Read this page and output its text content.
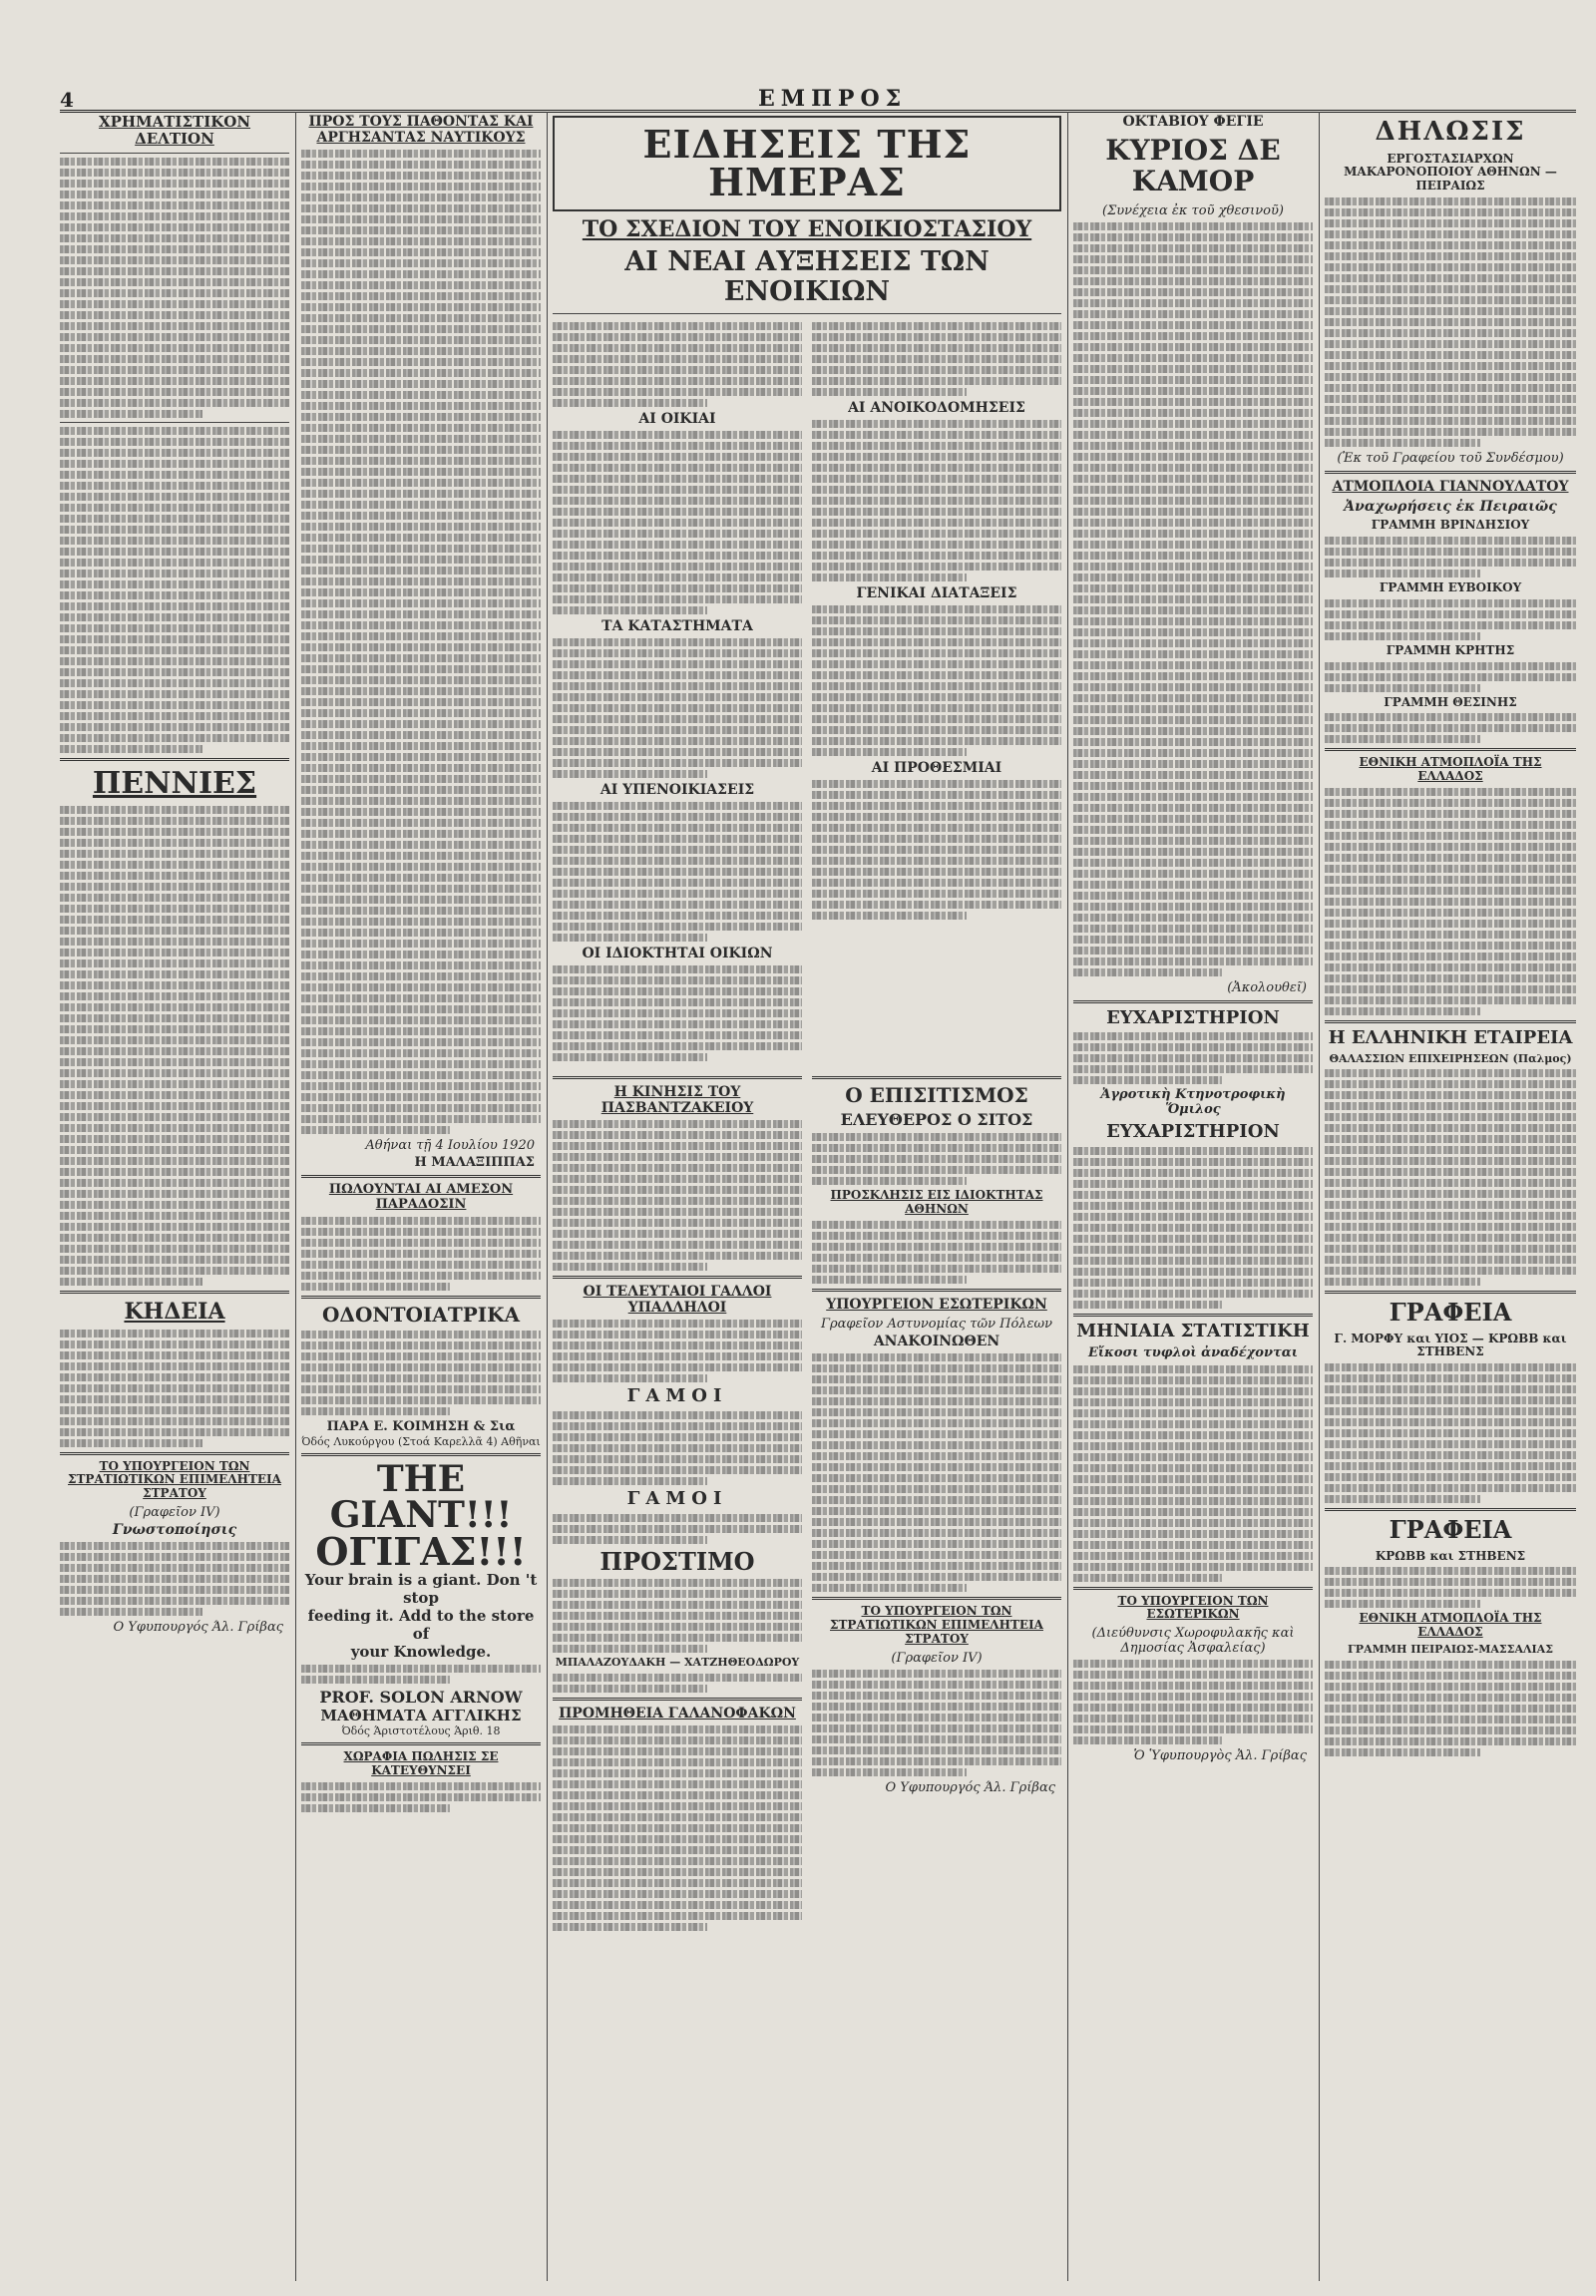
4	ΕΜΠΡΟΣ
ΧΡΗΜΑΤΙΣΤΙΚΟΝ ΔΕΛΤΙΟΝ
ΠΕΝΝΙΕΣ
ΚΗΔΕΙΑ
ΤΟ ΥΠΟΥΡΓΕΙΟΝ ΤΩΝ ΣΤΡΑΤΙΩΤΙΚΩΝ ΕΠΙΜΕΛΗΤΕΙΑ ΣΤΡΑΤΟΥ
(Γραφεῖον IV)
Γνωστοποίησις
Ο Υφυπουργός Άλ. Γρίβας
ΠΡΟΣ ΤΟΥΣ ΠΑΘΟΝΤΑΣ ΚΑΙ ΑΡΓΗΣΑΝΤΑΣ ΝΑΥΤΙΚΟΥΣ
Αθήναι τῇ 4 Ιουλίου 1920
Η ΜΑΛΑΞΙΠΠΑΣ
ΠΩΛΟΥΝΤΑΙ ΑΙ ΑΜΕΣΟΝ ΠΑΡΑΔΟΣΙΝ
ΟΔΟΝΤΟΙΑΤΡΙΚΑ
ΠΑΡΑ Ε. ΚΟΙΜΗΣΗ & Σια
Όδός Λυκούργου (Στοά Καρελλᾶ 4) Αθῆναι
THE GIANT!!!
ΟΓΙΓΑΣ!!!
Your brain is a giant. Don 't stop
feeding it. Add to the store of
your Knowledge.
PROF. SOLON ARNOW
ΜΑΘΗΜΑΤΑ ΑΓΓΛΙΚΗΣ
Όδός Άριστοτέλους Άριθ. 18
ΧΩΡΑΦΙΑ ΠΩΛΗΣΙΣ ΣΕ ΚΑΤΕΥΘΥΝΣΕΙ
ΕΙΔΗΣΕΙΣ ΤΗΣ ΗΜΕΡΑΣ
ΤΟ ΣΧΕΔΙΟΝ ΤΟΥ ΕΝΟΙΚΙΟΣΤΑΣΙΟΥ
ΑΙ ΝΕΑΙ ΑΥΞΗΣΕΙΣ ΤΩΝ ΕΝΟΙΚΙΩΝ
ΑΙ ΟΙΚΙΑΙ
ΤΑ ΚΑΤΑΣΤΗΜΑΤΑ
ΑΙ ΥΠΕΝΟΙΚΙΑΣΕΙΣ
ΟΙ ΙΔΙΟΚΤΗΤΑΙ ΟΙΚΙΩΝ
ΑΙ ΑΝΟΙΚΟΔΟΜΗΣΕΙΣ
ΓΕΝΙΚΑΙ ΔΙΑΤΑΞΕΙΣ
ΑΙ ΠΡΟΘΕΣΜΙΑΙ
Η ΚΙΝΗΣΙΣ ΤΟΥ ΠΑΣΒΑΝΤΖΑΚΕΙΟΥ
ΟΙ ΤΕΛΕΥΤΑΙΟΙ ΓΑΛΛΟΙ ΥΠΑΛΛΗΛΟΙ
ΓΑΜΟΙ
ΓΑΜΟΙ
ΠΡΟΣΤΙΜΟ
ΜΠΑΛΑΖΟΥΔΑΚΗ — ΧΑΤΖΗΘΕΟΔΩΡΟΥ
ΠΡΟΜΗΘΕΙΑ ΓΑΛΑΝΟΦΑΚΩΝ
Ο ΕΠΙΣΙΤΙΣΜΟΣ
ΕΛΕΥΘΕΡΟΣ Ο ΣΙΤΟΣ
ΠΡΟΣΚΛΗΣΙΣ ΕΙΣ ΙΔΙΟΚΤΗΤΑΣ ΑΘΗΝΩΝ
ΥΠΟΥΡΓΕΙΟΝ ΕΣΩΤΕΡΙΚΩΝ
Γραφεῖον Αστυνομίας τῶν Πόλεων
ΑΝΑΚΟΙΝΩΘΕΝ
ΤΟ ΥΠΟΥΡΓΕΙΟΝ ΤΩΝ ΣΤΡΑΤΙΩΤΙΚΩΝ ΕΠΙΜΕΛΗΤΕΙΑ ΣΤΡΑΤΟΥ
(Γραφεῖον IV)
Ο Υφυπουργός Άλ. Γρίβας
ΟΚΤΑΒΙΟΥ ΦΕΓΙΕ
ΚΥΡΙΟΣ ΔΕ ΚΑΜΟΡ
(Συνέχεια ἐκ τοῦ χθεσινοῦ)
(Ἀκολουθεῖ)
ΕΥΧΑΡΙΣΤΗΡΙΟΝ
Ἀγροτικὴ Κτηνοτροφικὴ Ὅμιλος
ΕΥΧΑΡΙΣΤΗΡΙΟΝ
ΜΗΝΙΑΙΑ ΣΤΑΤΙΣΤΙΚΗ
Εἴκοσι τυφλοὶ ἀναδέχονται
ΤΟ ΥΠΟΥΡΓΕΙΟΝ ΤΩΝ ΕΣΩΤΕΡΙΚΩΝ
(Διεύθυνσις Χωροφυλακῆς καὶ Δημοσίας Ἀσφαλείας)
Ὁ Ὑφυπουργὸς Ἀλ. Γρίβας
ΔΗΛΩΣΙΣ
ΕΡΓΟΣΤΑΣΙΑΡΧΩΝ ΜΑΚΑΡΟΝΟΠΟΙΟΥ ΑΘΗΝΩΝ — ΠΕΙΡΑΙΩΣ
(Ἐκ τοῦ Γραφείου τοῦ Συνδέσμου)
ΑΤΜΟΠΛΟΙΑ ΓΙΑΝΝΟΥΛΑΤΟΥ
Ἀναχωρήσεις ἐκ Πειραιῶς
ΓΡΑΜΜΗ ΒΡΙΝΔΗΣΙΟΥ
ΓΡΑΜΜΗ ΕΥΒΟΙΚΟΥ
ΓΡΑΜΜΗ ΚΡΗΤΗΣ
ΓΡΑΜΜΗ ΘΕΣΙΝΗΣ
ΕΘΝΙΚΗ ΑΤΜΟΠΛΟΪΑ ΤΗΣ ΕΛΛΑΔΟΣ
Η ΕΛΛΗΝΙΚΗ ΕΤΑΙΡΕΙΑ
ΘΑΛΑΣΣΙΩΝ ΕΠΙΧΕΙΡΗΣΕΩΝ (Παλμος)
ΓΡΑΦΕΙΑ
Γ. ΜΟΡΦΥ και ΥΙΟΣ — ΚΡΩΒΒ και ΣΤΗΒΕΝΣ
ΓΡΑΦΕΙΑ
ΚΡΩΒΒ και ΣΤΗΒΕΝΣ
ΕΘΝΙΚΗ ΑΤΜΟΠΛΟΪΑ ΤΗΣ ΕΛΛΑΔΟΣ
ΓΡΑΜΜΗ ΠΕΙΡΑΙΩΣ-ΜΑΣΣΑΛΙΑΣ
